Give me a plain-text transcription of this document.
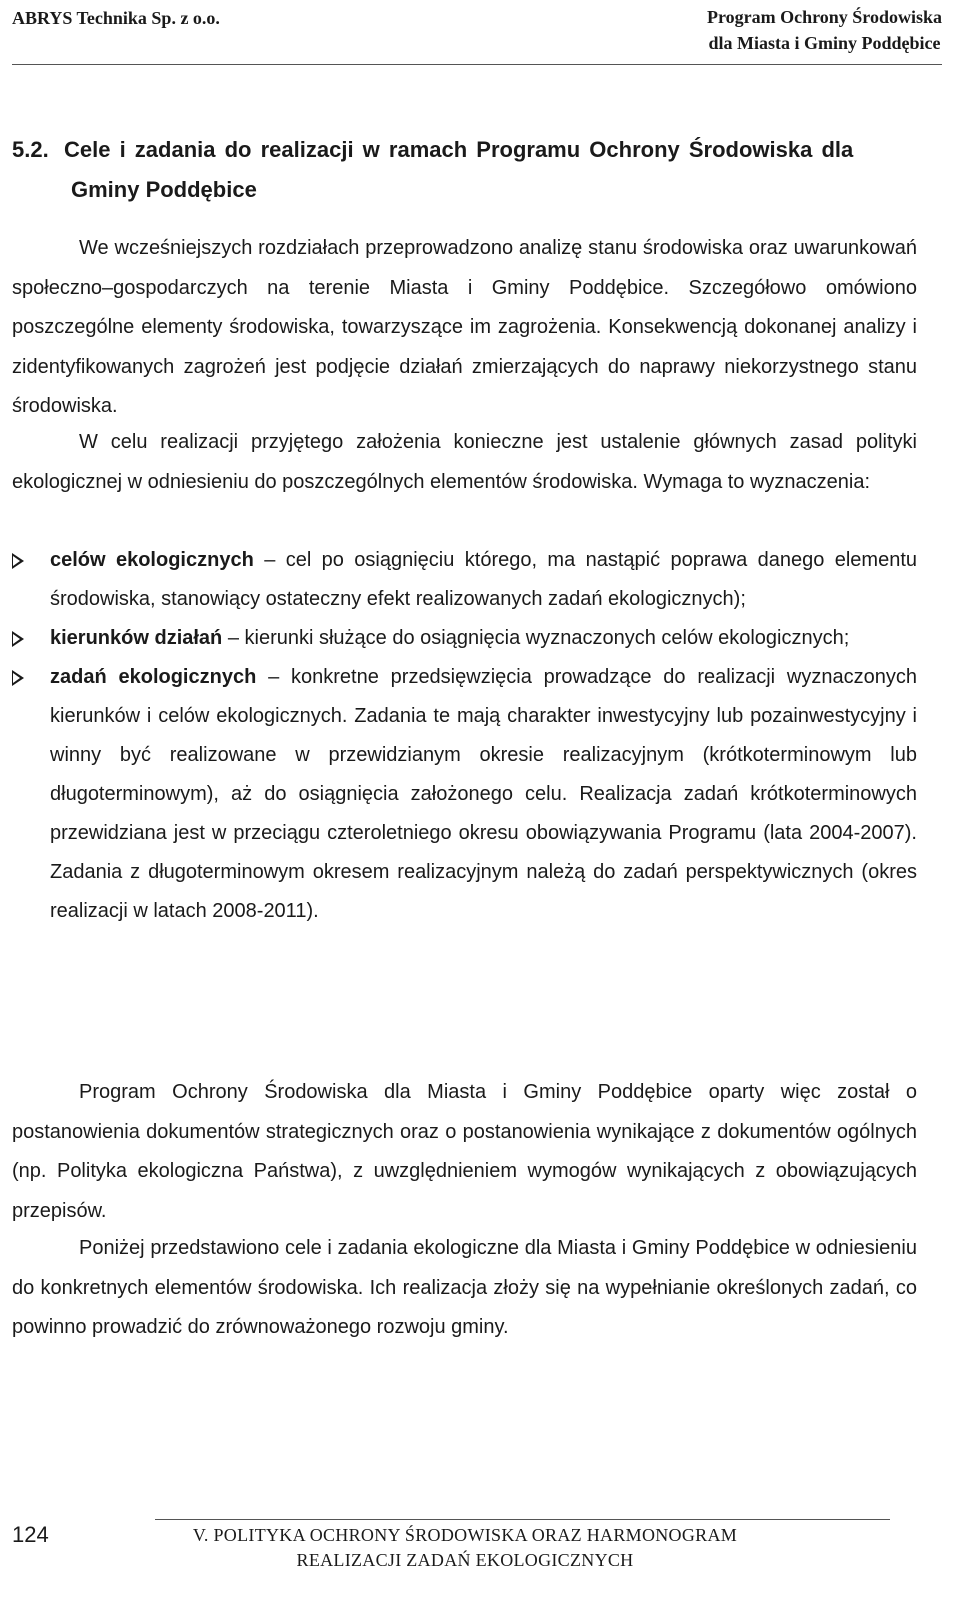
ABRYS Technika Sp. z o.o.	Program Ochrony Środowiska
dla Miasta i Gminy Poddębice
5.2. Cele i zadania do realizacji w ramach Programu Ochrony Środowiska dla
Gminy Poddębice

We wcześniejszych rozdziałach przeprowadzono analizę stanu środowiska oraz uwarunkowań społeczno–gospodarczych na terenie Miasta i Gminy Poddębice. Szczegółowo omówiono poszczególne elementy środowiska, towarzyszące im zagrożenia. Konsekwencją dokonanej analizy i zidentyfikowanych zagrożeń jest podjęcie działań zmierzających do naprawy niekorzystnego stanu środowiska.

W celu realizacji przyjętego założenia konieczne jest ustalenie głównych zasad polityki ekologicznej w odniesieniu do poszczególnych elementów środowiska. Wymaga to wyznaczenia:

celów ekologicznych – cel po osiągnięciu którego, ma nastąpić poprawa danego elementu środowiska, stanowiący ostateczny efekt realizowanych zadań ekologicznych);
kierunków działań – kierunki służące do osiągnięcia wyznaczonych celów ekologicznych;
zadań ekologicznych – konkretne przedsięwzięcia prowadzące do realizacji wyznaczonych kierunków i celów ekologicznych. Zadania te mają charakter inwestycyjny lub pozainwestycyjny i winny być realizowane w przewidzianym okresie realizacyjnym (krótkoterminowym lub długoterminowym), aż do osiągnięcia założonego celu. Realizacja zadań krótkoterminowych przewidziana jest w przeciągu czteroletniego okresu obowiązywania Programu (lata 2004-2007). Zadania z długoterminowym okresem realizacyjnym należą do zadań perspektywicznych (okres realizacji w latach 2008-2011).

Program Ochrony Środowiska dla Miasta i Gminy Poddębice oparty więc został o postanowienia dokumentów strategicznych oraz o postanowienia wynikające z dokumentów ogólnych (np. Polityka ekologiczna Państwa), z uwzględnieniem wymogów wynikających z obowiązujących przepisów.

Poniżej przedstawiono cele i zadania ekologiczne dla Miasta i Gminy Poddębice w odniesieniu do konkretnych elementów środowiska. Ich realizacja złoży się na wypełnianie określonych zadań, co powinno prowadzić do zrównoważonego rozwoju gminy.

124	V. POLITYKA OCHRONY ŚRODOWISKA ORAZ HARMONOGRAM
REALIZACJI ZADAŃ EKOLOGICZNYCH
